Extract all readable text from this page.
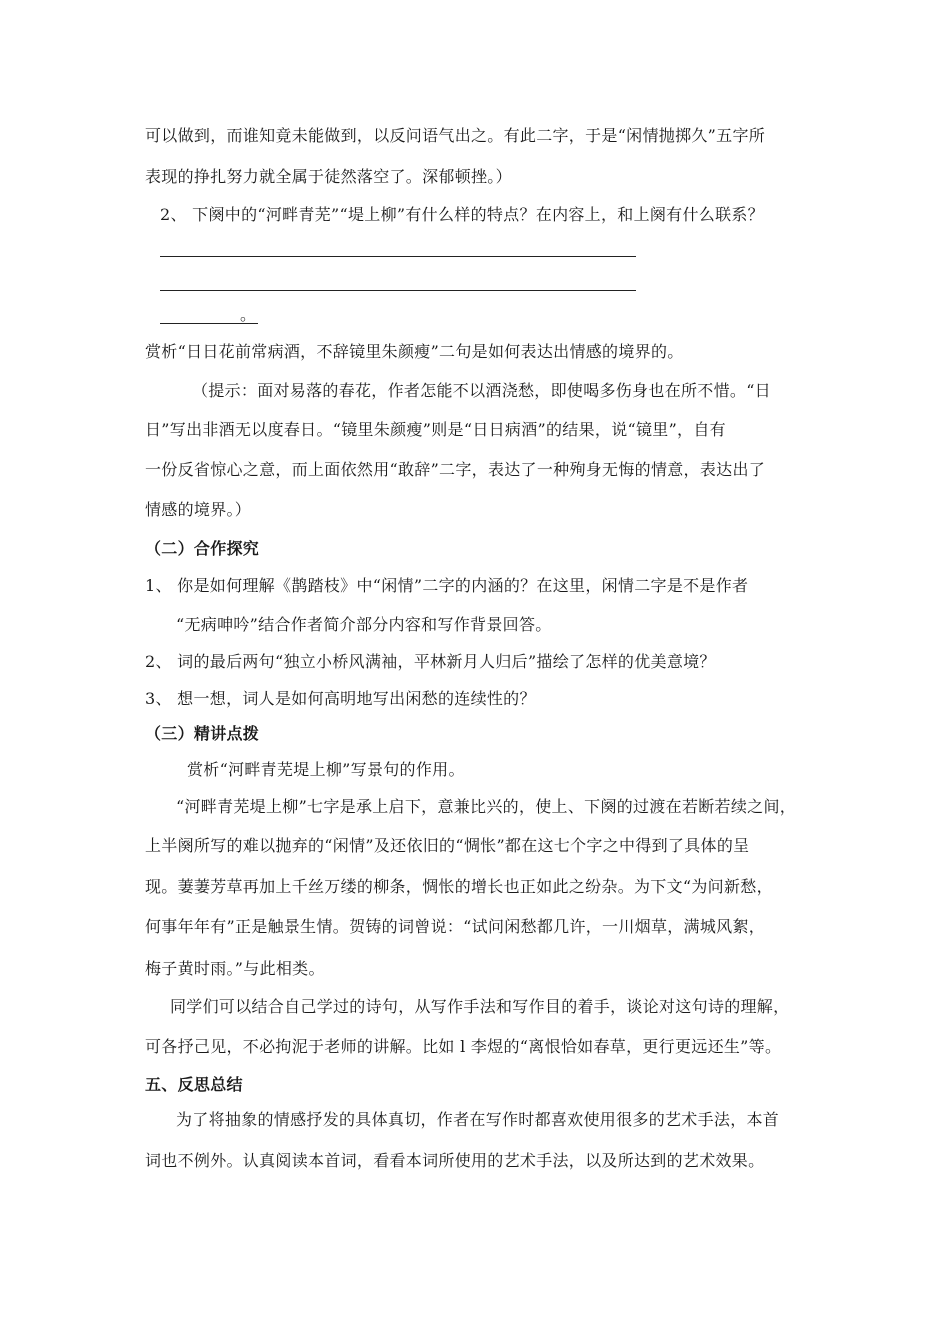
可以做到，而谁知竟未能做到，以反问语气出之。有此二字，于是“闲情抛掷久”五字所
表现的挣扎努力就全属于徒然落空了。深郁顿挫。）
2、 下阕中的“河畔青芜”“堤上柳”有什么样的特点？在内容上，和上阕有什么联系？
。
赏析“日日花前常病酒，不辞镜里朱颜瘦”二句是如何表达出情感的境界的。
（提示：面对易落的春花，作者怎能不以酒浇愁，即使喝多伤身也在所不惜。“日
日”写出非酒无以度春日。“镜里朱颜瘦”则是“日日病酒”的结果，说“镜里”，自有
一份反省惊心之意，而上面依然用“敢辞”二字，表达了一种殉身无悔的情意，表达出了
情感的境界。）
（二）合作探究
1、 你是如何理解《鹊踏枝》中“闲情”二字的内涵的？在这里，闲情二字是不是作者
“无病呻吟”结合作者简介部分内容和写作背景回答。
2、 词的最后两句“独立小桥风满袖，平林新月人归后”描绘了怎样的优美意境？
3、 想一想，词人是如何高明地写出闲愁的连续性的？
（三）精讲点拨
赏析“河畔青芜堤上柳”写景句的作用。
“河畔青芜堤上柳”七字是承上启下，意兼比兴的，使上、下阕的过渡在若断若续之间，
上半阕所写的难以抛弃的“闲情”及还依旧的“惆怅”都在这七个字之中得到了具体的呈
现。萋萋芳草再加上千丝万缕的柳条，惆怅的增长也正如此之纷杂。为下文“为问新愁，
何事年年有”正是触景生情。贺铸的词曾说：“试问闲愁都几许，一川烟草，满城风絮，
梅子黄时雨。”与此相类。
同学们可以结合自己学过的诗句，从写作手法和写作目的着手，谈论对这句诗的理解，
可各抒己见，不必拘泥于老师的讲解。比如 l 李煜的“离恨恰如春草，更行更远还生”等。
五、反思总结
为了将抽象的情感抒发的具体真切，作者在写作时都喜欢使用很多的艺术手法，本首
词也不例外。认真阅读本首词，看看本词所使用的艺术手法，以及所达到的艺术效果。
